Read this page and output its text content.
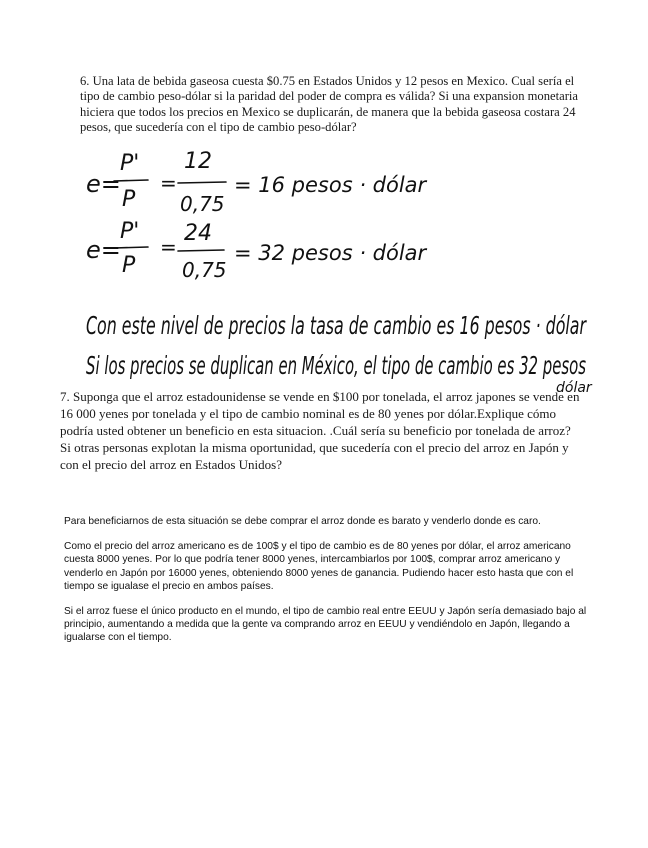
6. Una lata de bebida gaseosa cuesta $0.75 en Estados Unidos y 12 pesos en Mexico. Cual sería el tipo de cambio peso-dólar si la paridad del poder de compra es válida? Si una expansion monetaria hiciera que todos los precios en Mexico se duplicarán, de manera que la bebida gaseosa costara 24 pesos, que sucedería con el tipo de cambio peso-dólar?
e=
P'
P
=
12
0,75
= 16 pesos · dólar
e=
P'
P
=
24
0,75
= 32 pesos · dólar
Con este nivel de precios la tasa de cambio es 16 pesos · dólar
Si los precios se duplican en México, el tipo de cambio es 32 pesos
dólar
7. Suponga que el arroz estadounidense se vende en $100 por tonelada, el arroz japones se vende en 16 000 yenes por tonelada y el tipo de cambio nominal es de 80 yenes por dólar.Explique cómo podría usted obtener un beneficio en esta situacion. .Cuál sería su beneficio por tonelada de arroz? Si otras personas explotan la misma oportunidad, que sucedería con el precio del arroz en Japón y con el precio del arroz en Estados Unidos?

Para beneficiarnos de esta situación se debe comprar el arroz donde es barato y venderlo donde es caro.

Como el precio del arroz americano es de 100$ y el tipo de cambio es de 80 yenes por dólar, el arroz americano cuesta 8000 yenes. Por lo que podría tener 8000 yenes, intercambiarlos por 100$, comprar arroz americano y venderlo en Japón por 16000 yenes, obteniendo 8000 yenes de ganancia. Pudiendo hacer esto hasta que con el tiempo se igualase el precio en ambos países.

Si el arroz fuese el único producto en el mundo, el tipo de cambio real entre EEUU y Japón sería demasiado bajo al principio, aumentando a medida que la gente va comprando arroz en EEUU y vendiéndolo en Japón, llegando a igualarse con el tiempo.
